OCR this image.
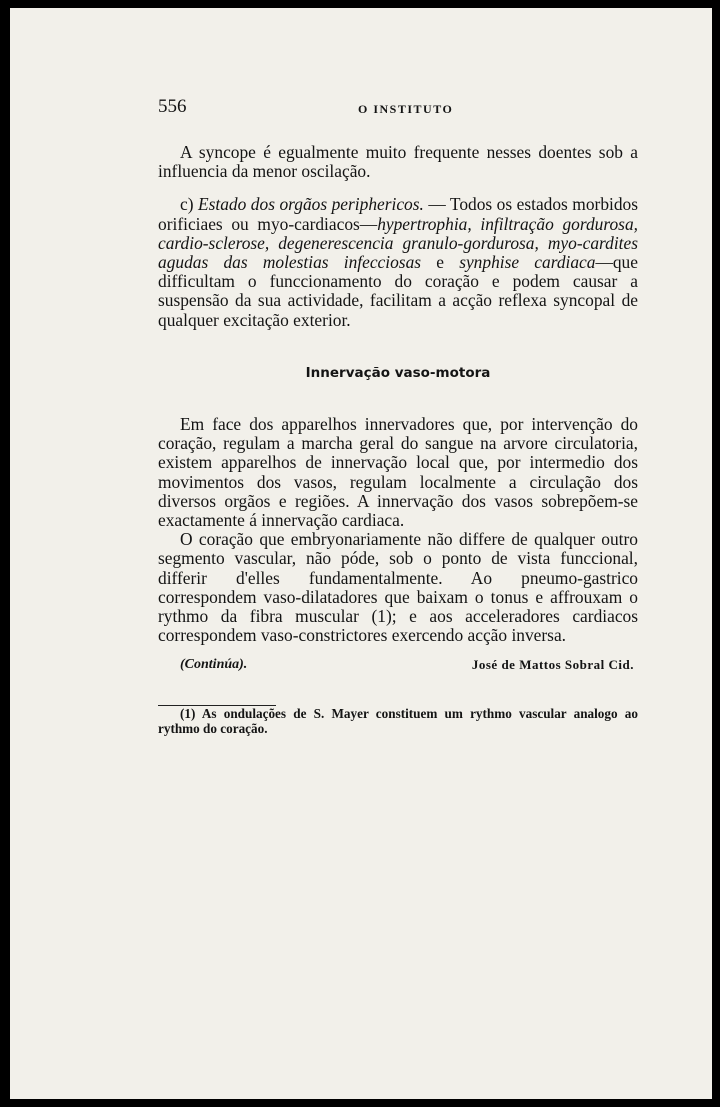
556	O INSTITUTO

A syncope é egualmente muito frequente nesses doentes sob a influencia da menor oscilação.

c) Estado dos orgãos periphericos. — Todos os estados morbidos orificiaes ou myo-cardiacos—hypertrophia, infiltração gordurosa, cardio-sclerose, degenerescencia granulo-gordurosa, myo-cardites agudas das molestias infecciosas e synphise cardiaca—que difficultam o funccionamento do coração e podem causar a suspensão da sua actividade, facilitam a acção reflexa syncopal de qualquer excitação exterior.

Innervação vaso-motora

Em face dos apparelhos innervadores que, por intervenção do coração, regulam a marcha geral do sangue na arvore circulatoria, existem apparelhos de innervação local que, por intermedio dos movimentos dos vasos, regulam localmente a circulação dos diversos orgãos e regiões. A innervação dos vasos sobrepõem-se exactamente á innervação cardiaca.

O coração que embryonariamente não differe de qualquer outro segmento vascular, não póde, sob o ponto de vista funccional, differir d'elles fundamentalmente. Ao pneumo-gastrico correspondem vaso-dilatadores que baixam o tonus e affrouxam o rythmo da fibra muscular (1); e aos acceleradores cardiacos correspondem vaso-constrictores exercendo acção inversa.

(Continúa).	José de Mattos Sobral Cid.

(1) As ondulações de S. Mayer constituem um rythmo vascular analogo ao rythmo do coração.
